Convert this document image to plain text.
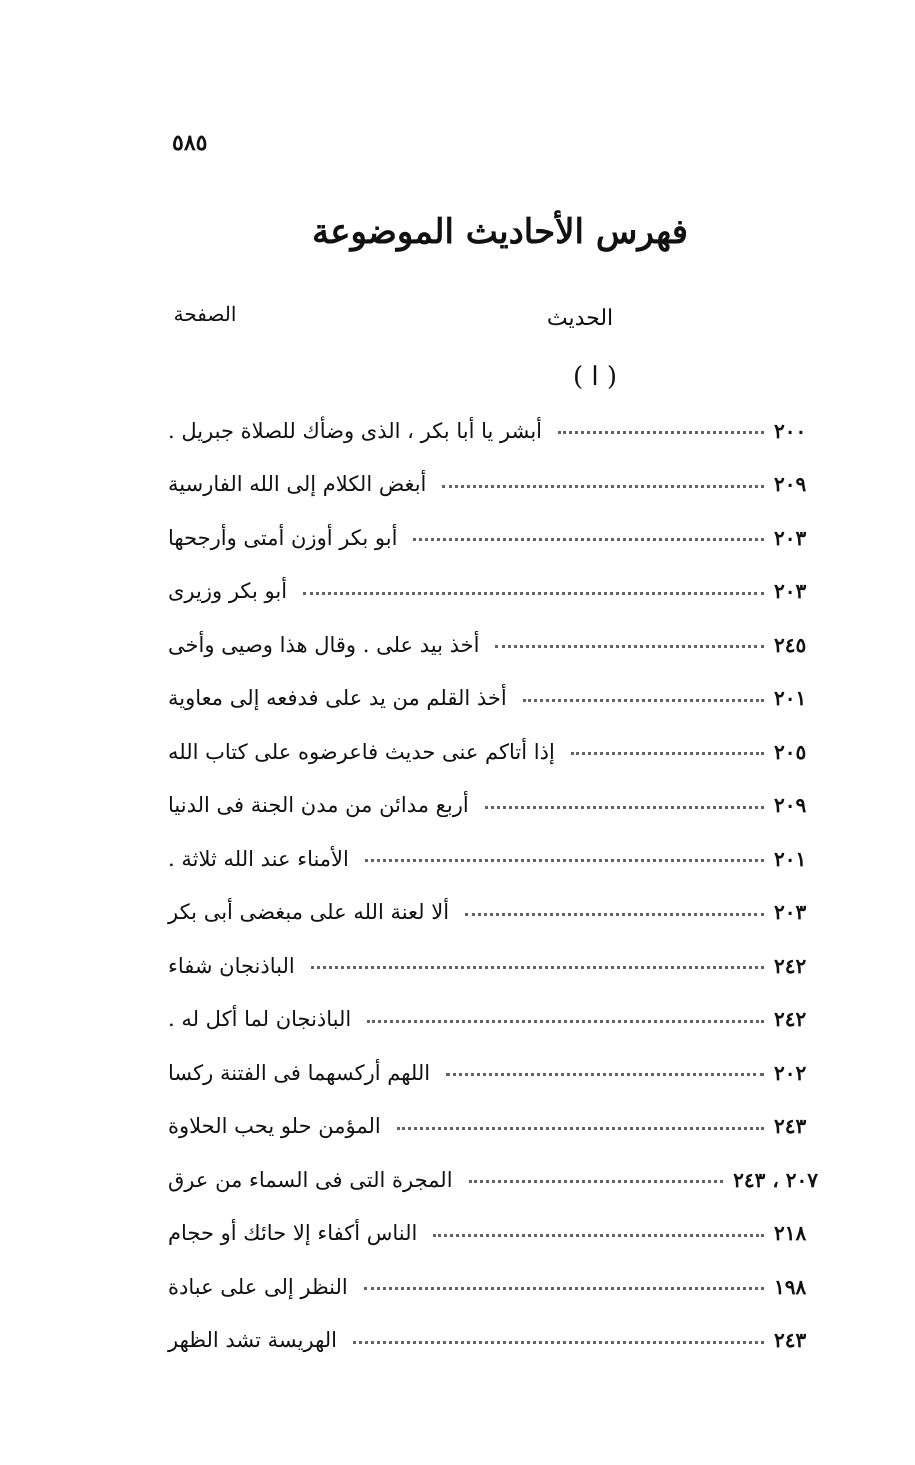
٥٨٥
فهرس الأحاديث الموضوعة
الحديث
الصفحة
( ا )
أبشر يا أبا بكر ، الذى وضأك للصلاة جبريل .	٢٠٠
أبغض الكلام إلى الله الفارسية	٢٠٩
أبو بكر أوزن أمتى وأرجحها	٢٠٣
أبو بكر وزيرى	٢٠٣
أخذ بيد على . وقال هذا وصيى وأخى	٢٤٥
أخذ القلم من يد على فدفعه إلى معاوية	٢٠١
إذا أتاكم عنى حديث فاعرضوه على كتاب الله	٢٠٥
أربع مدائن من مدن الجنة فى الدنيا	٢٠٩
الأمناء عند الله ثلاثة .	٢٠١
ألا لعنة الله على مبغضى أبى بكر	٢٠٣
الباذنجان شفاء	٢٤٢
الباذنجان لما أكل له .	٢٤٢
اللهم أركسهما فى الفتنة ركسا	٢٠٢
المؤمن حلو يحب الحلاوة	٢٤٣
المجرة التى فى السماء من عرق	٢٠٧ ، ٢٤٣
الناس أكفاء إلا حائك أو حجام	٢١٨
النظر إلى على عبادة	١٩٨
الهريسة تشد الظهر	٢٤٣
